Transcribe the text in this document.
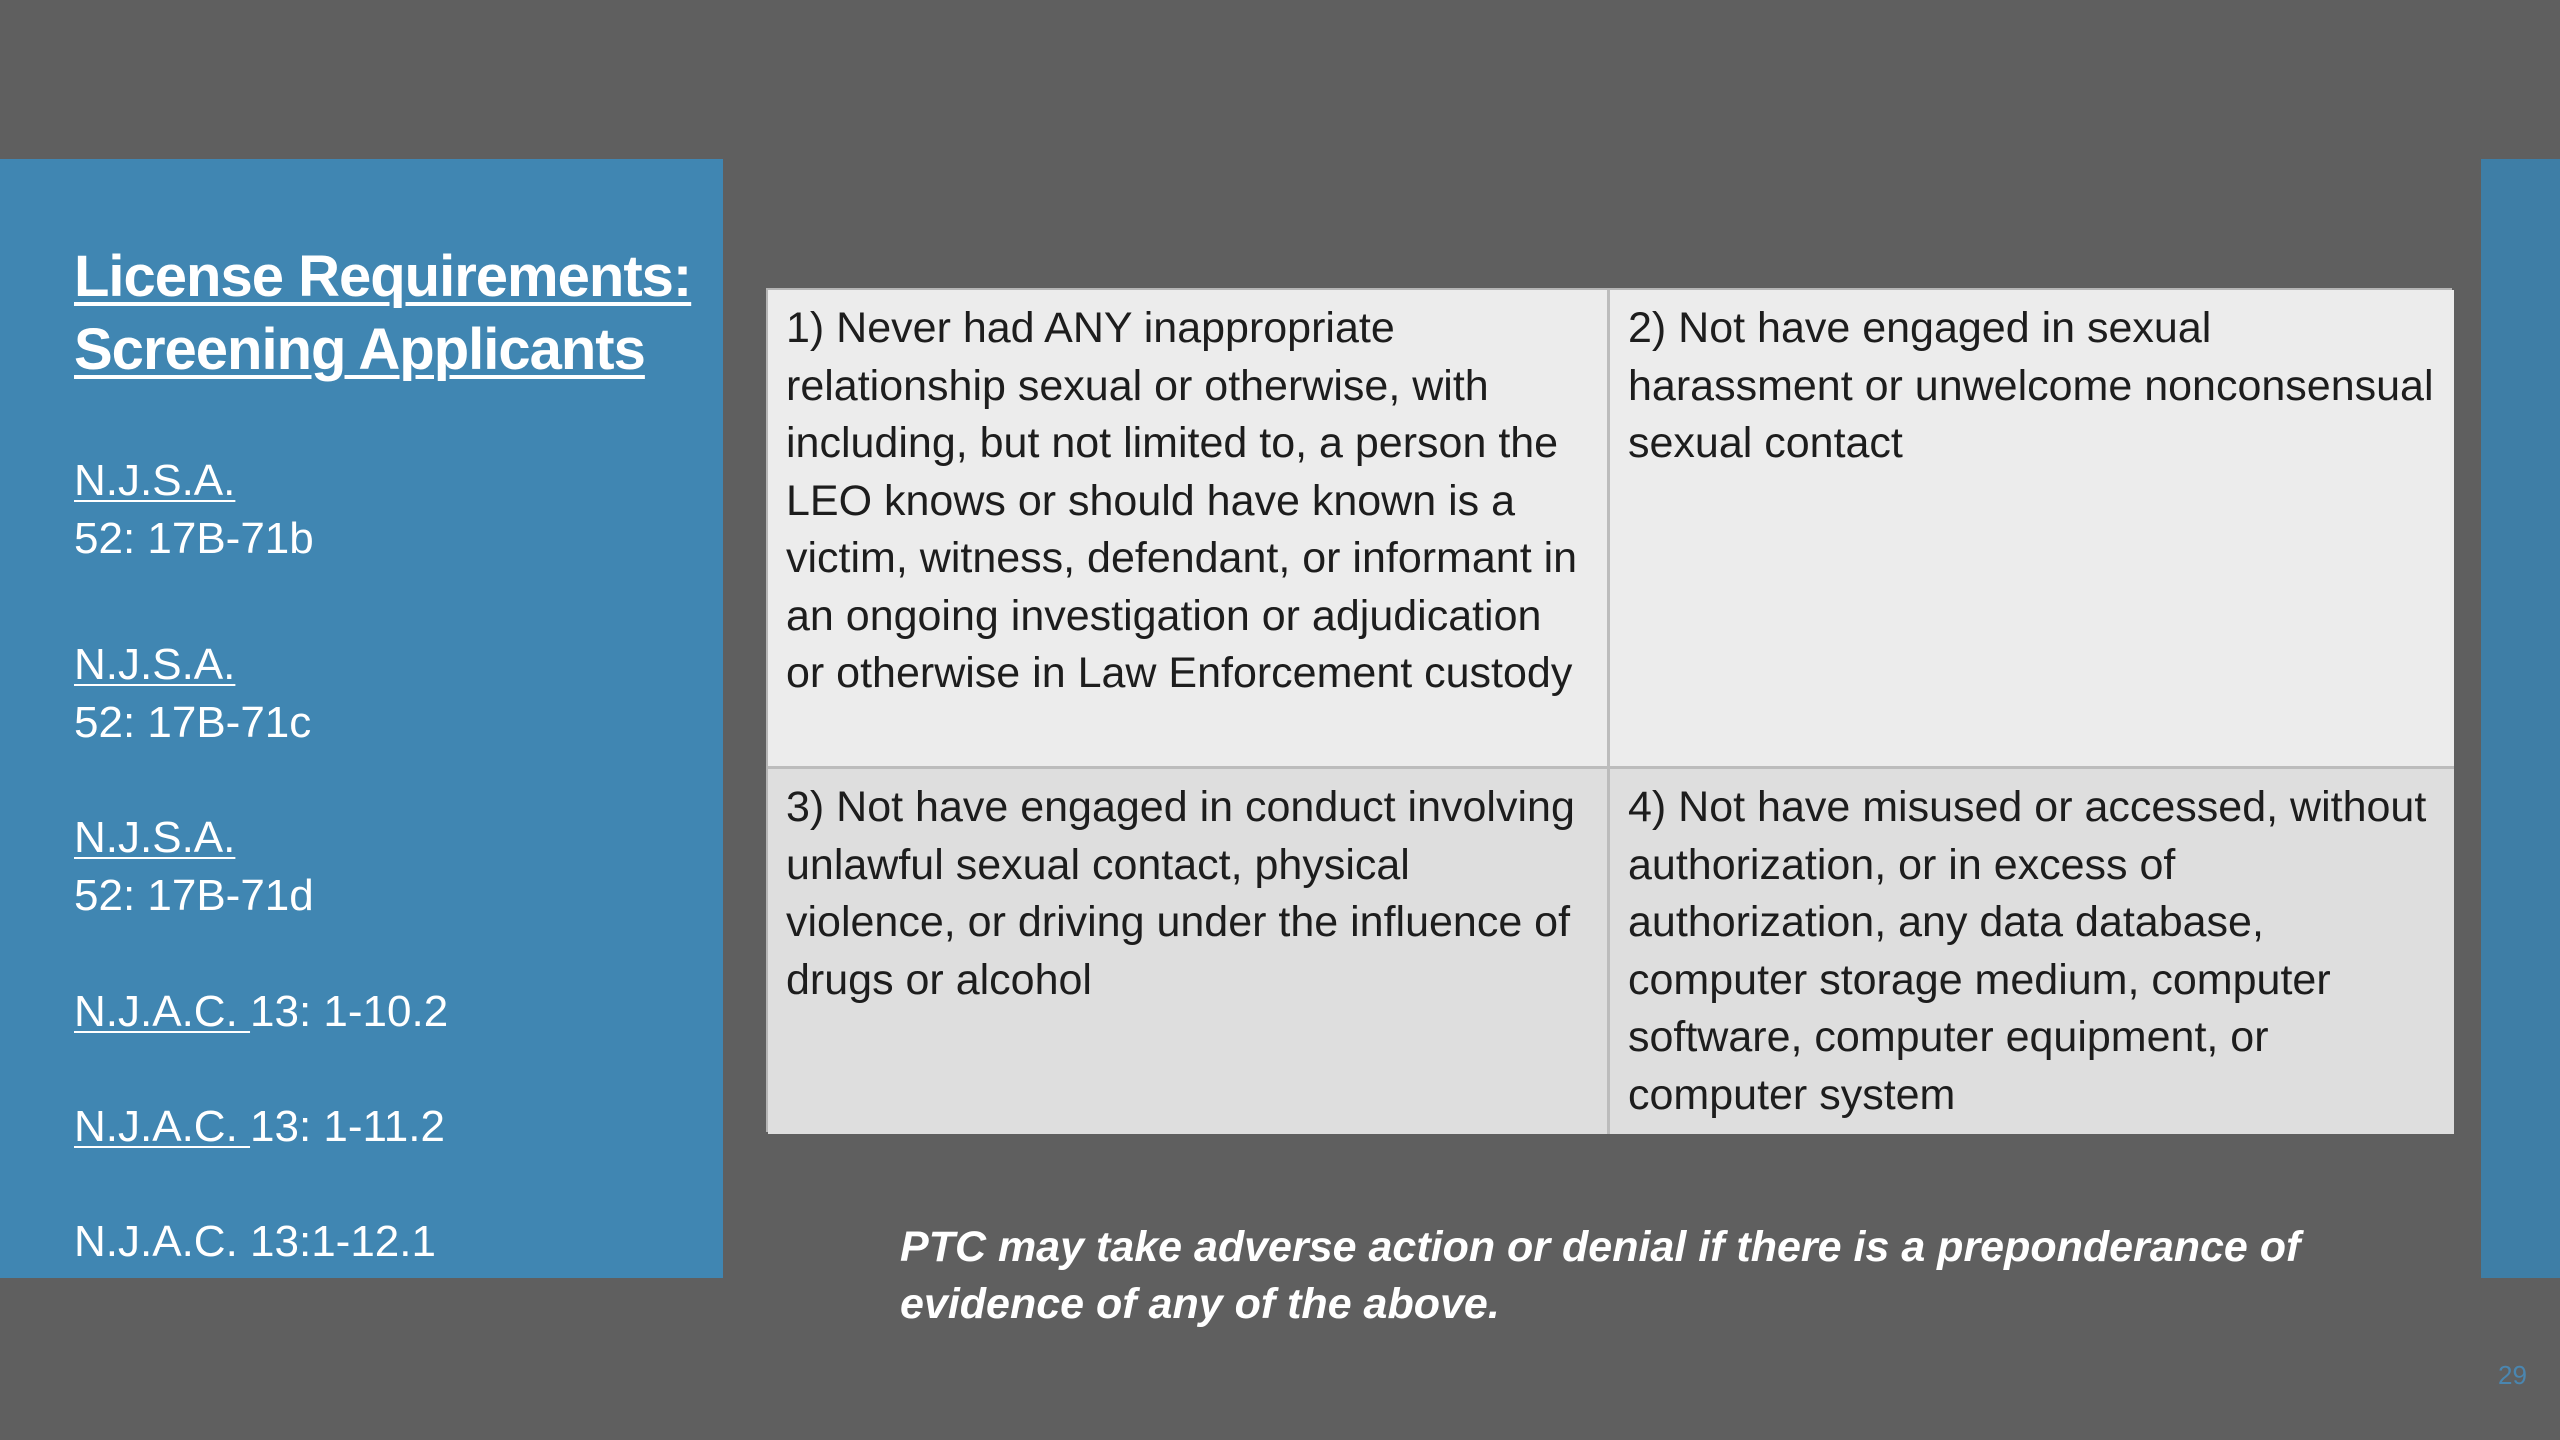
License Requirements:
Screening Applicants
N.J.S.A.
52: 17B-71b
N.J.S.A.
52: 17B-71c
N.J.S.A.
52: 17B-71d
N.J.A.C. 13: 1-10.2
N.J.A.C. 13: 1-11.2
N.J.A.C. 13:1-12.1
1) Never had ANY inappropriate relationship sexual or otherwise, with including, but not limited to, a person the LEO knows or should have known is a victim, witness, defendant, or informant in an ongoing investigation or adjudication or otherwise in Law Enforcement custody
2) Not have engaged in sexual harassment or unwelcome nonconsensual sexual contact
3) Not have engaged in conduct involving unlawful sexual contact, physical violence, or driving under the influence of drugs or alcohol
4) Not have misused or accessed, without authorization, or in excess of authorization, any data database, computer storage medium, computer software, computer equipment, or computer system

PTC may take adverse action or denial if there is a preponderance of evidence of any of the above.

29
